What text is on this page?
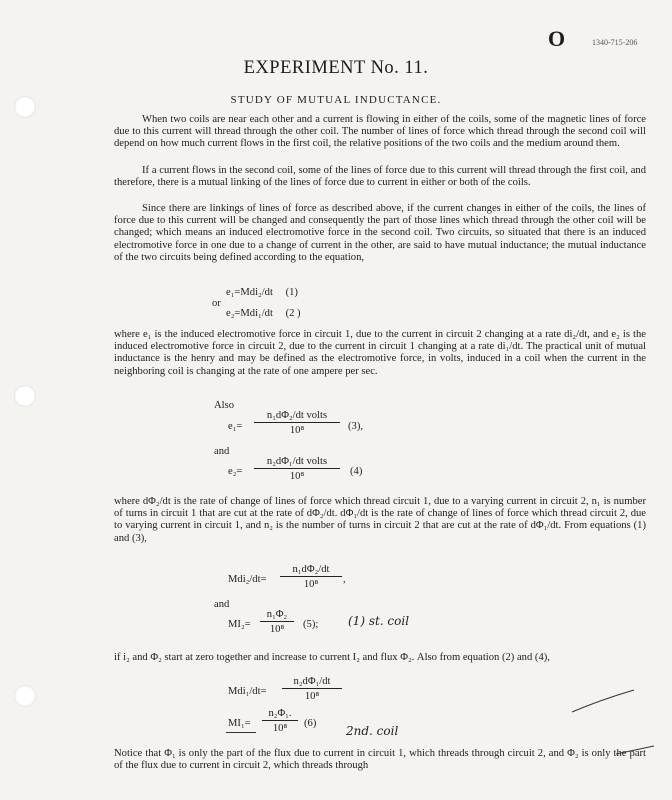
O	1340-715-206
EXPERIMENT No. 11.
STUDY OF MUTUAL INDUCTANCE.

When two coils are near each other and a current is flowing in either of the coils, some of the magnetic lines of force due to this current will thread through the other coil. The number of lines of force which thread through the second coil will depend on how much current flows in the first coil, the relative positions of the two coils and the medium around them.

If a current flows in the second coil, some of the lines of force due to this current will thread through the first coil, and therefore, there is a mutual linking of the lines of force due to current in either or both of the coils.

Since there are linkings of lines of force as described above, if the current changes in either of the coils, the lines of force due to this current will be changed and consequently the part of those lines which thread through the other coil will be changed; which means an induced electromotive force in the second coil. Two circuits, so situated that there is an induced electromotive force in one due to a change of current in the other, are said to have mutual inductance; the mutual inductance of the two circuits being defined according to the equation,

e₁=Mdi₂/dt (1)
or
e₂=Mdi₁/dt (2 )

where e₁ is the induced electromotive force in circuit 1, due to the current in circuit 2 changing at a rate di₂/dt, and e₂ is the induced electromotive force in circuit 2, due to the current in circuit 1 changing at a rate di₁/dt. The practical unit of mutual inductance is the henry and may be defined as the electromotive force, in volts, induced in a coil when the current in the neighboring coil is changing at the rate of one ampere per sec.

Also
e₁=
n₁dΦ₂/dt volts
10⁸	(3),
and
e₂=
n₂dΦ₁/dt volts
10⁸	(4)

where dΦ₂/dt is the rate of change of lines of force which thread circuit 1, due to a varying current in circuit 2, n₁ is number of turns in circuit 1 that are cut at the rate of dΦ₂/dt. dΦ₁/dt is the rate of change of lines of force which thread circuit 2, due to varying current in circuit 1, and n₂ is the number of turns in circuit 2 that are cut at the rate of dΦ₁/dt. From equations (1) and (3),

$Mdi_2/dt= \frac{\text{n₁dΦ₂/dt}}{\text{10⁸}}$ ,
and
$MI_2= \frac{\text{n₁Φ₂}}{\text{10⁸}} (5)$; (1) st. coil

if i₂ and Φ₂ start at zero together and increase to current I₂ and flux Φ₂. Also from equation (2) and (4),

$Mdi_1/dt= \frac{\text{n₂dΦ₁/dt}}{\text{10⁸}}$
$MI_1= \frac{\text{n₂Φ₁.}}{\text{10⁸}} (6)$
2nd. coil

Notice that Φ₁ is only the part of the flux due to current in circuit 1, which threads through circuit 2, and Φ₂ is only the part of the flux due to current in circuit 2, which threads through
